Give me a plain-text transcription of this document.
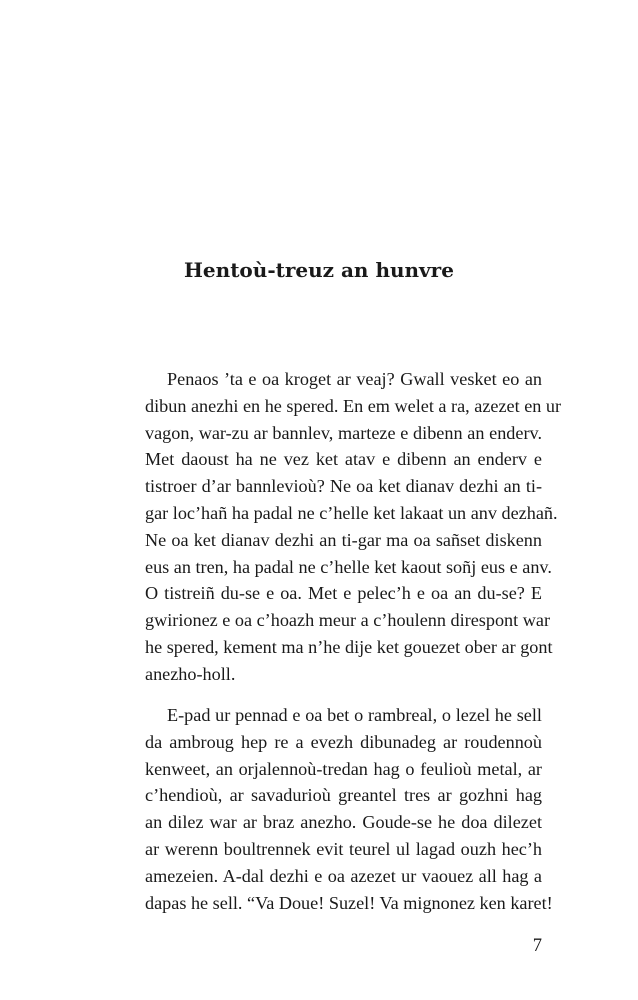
Hentoù-treuz an hunvre
Penaos ’ta e oa kroget ar veaj? Gwall vesket eo an
dibun anezhi en he spered. En em welet a ra, azezet en ur
vagon, war-zu ar bannlev, marteze e dibenn an enderv.
Met daoust ha ne vez ket atav e dibenn an enderv e
tistroer d’ar bannlevioù? Ne oa ket dianav dezhi an ti-
gar loc’hañ ha padal ne c’helle ket lakaat un anv dezhañ.
Ne oa ket dianav dezhi an ti-gar ma oa sañset diskenn
eus an tren, ha padal ne c’helle ket kaout soñj eus e anv.
O tistreiñ du-se e oa. Met e pelec’h e oa an du-se? E
gwirionez e oa c’hoazh meur a c’houlenn direspont war
he spered, kement ma n’he dije ket gouezet ober ar gont
anezho-holl.
E-pad ur pennad e oa bet o rambreal, o lezel he sell
da ambroug hep re a evezh dibunadeg ar roudennoù
kenweet, an orjalennoù-tredan hag o feulioù metal, ar
c’hendioù, ar savadurioù greantel tres ar gozhni hag
an dilez war ar braz anezho. Goude-se he doa dilezet
ar werenn boultrennek evit teurel ul lagad ouzh hec’h
amezeien. A-dal dezhi e oa azezet ur vaouez all hag a
dapas he sell. “Va Doue! Suzel! Va mignonez ken karet!
7
